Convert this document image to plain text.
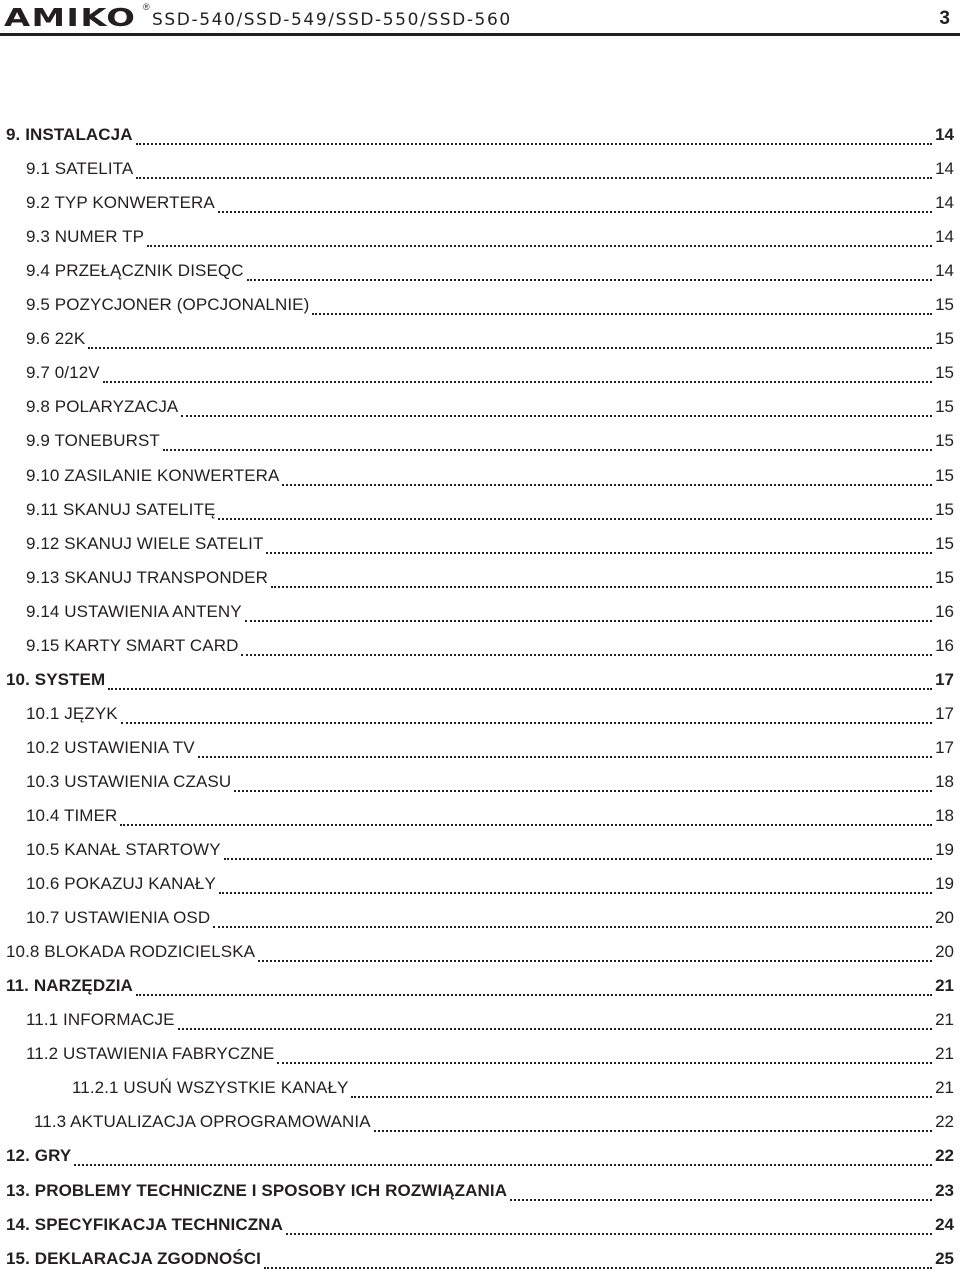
AMIKO ®
SSD-540/SSD-549/SSD-550/SSD-560	3
9. INSTALACJA	14
9.1 SATELITA	14
9.2 TYP KONWERTERA	14
9.3 NUMER TP	14
9.4 PRZEŁĄCZNIK DISEQC	14
9.5 POZYCJONER (OPCJONALNIE)	15
9.6 22K	15
9.7 0/12V	15
9.8 POLARYZACJA	15
9.9 TONEBURST	15
9.10 ZASILANIE KONWERTERA	15
9.11 SKANUJ SATELITĘ	15
9.12 SKANUJ WIELE SATELIT	15
9.13 SKANUJ TRANSPONDER	15
9.14 USTAWIENIA ANTENY	16
9.15 KARTY SMART CARD	16
10. SYSTEM	17
10.1 JĘZYK	17
10.2 USTAWIENIA TV	17
10.3 USTAWIENIA CZASU	18
10.4 TIMER	18
10.5 KANAŁ STARTOWY	19
10.6 POKAZUJ KANAŁY	19
10.7 USTAWIENIA OSD	20
10.8 BLOKADA RODZICIELSKA	20
11. NARZĘDZIA	21
11.1 INFORMACJE	21
11.2 USTAWIENIA FABRYCZNE	21
11.2.1 USUŃ WSZYSTKIE KANAŁY	21
11.3 AKTUALIZACJA OPROGRAMOWANIA	22
12. GRY	22
13. PROBLEMY TECHNICZNE I SPOSOBY ICH ROZWIĄZANIA	23
14. SPECYFIKACJA TECHNICZNA	24
15. DEKLARACJA ZGODNOŚCI	25
